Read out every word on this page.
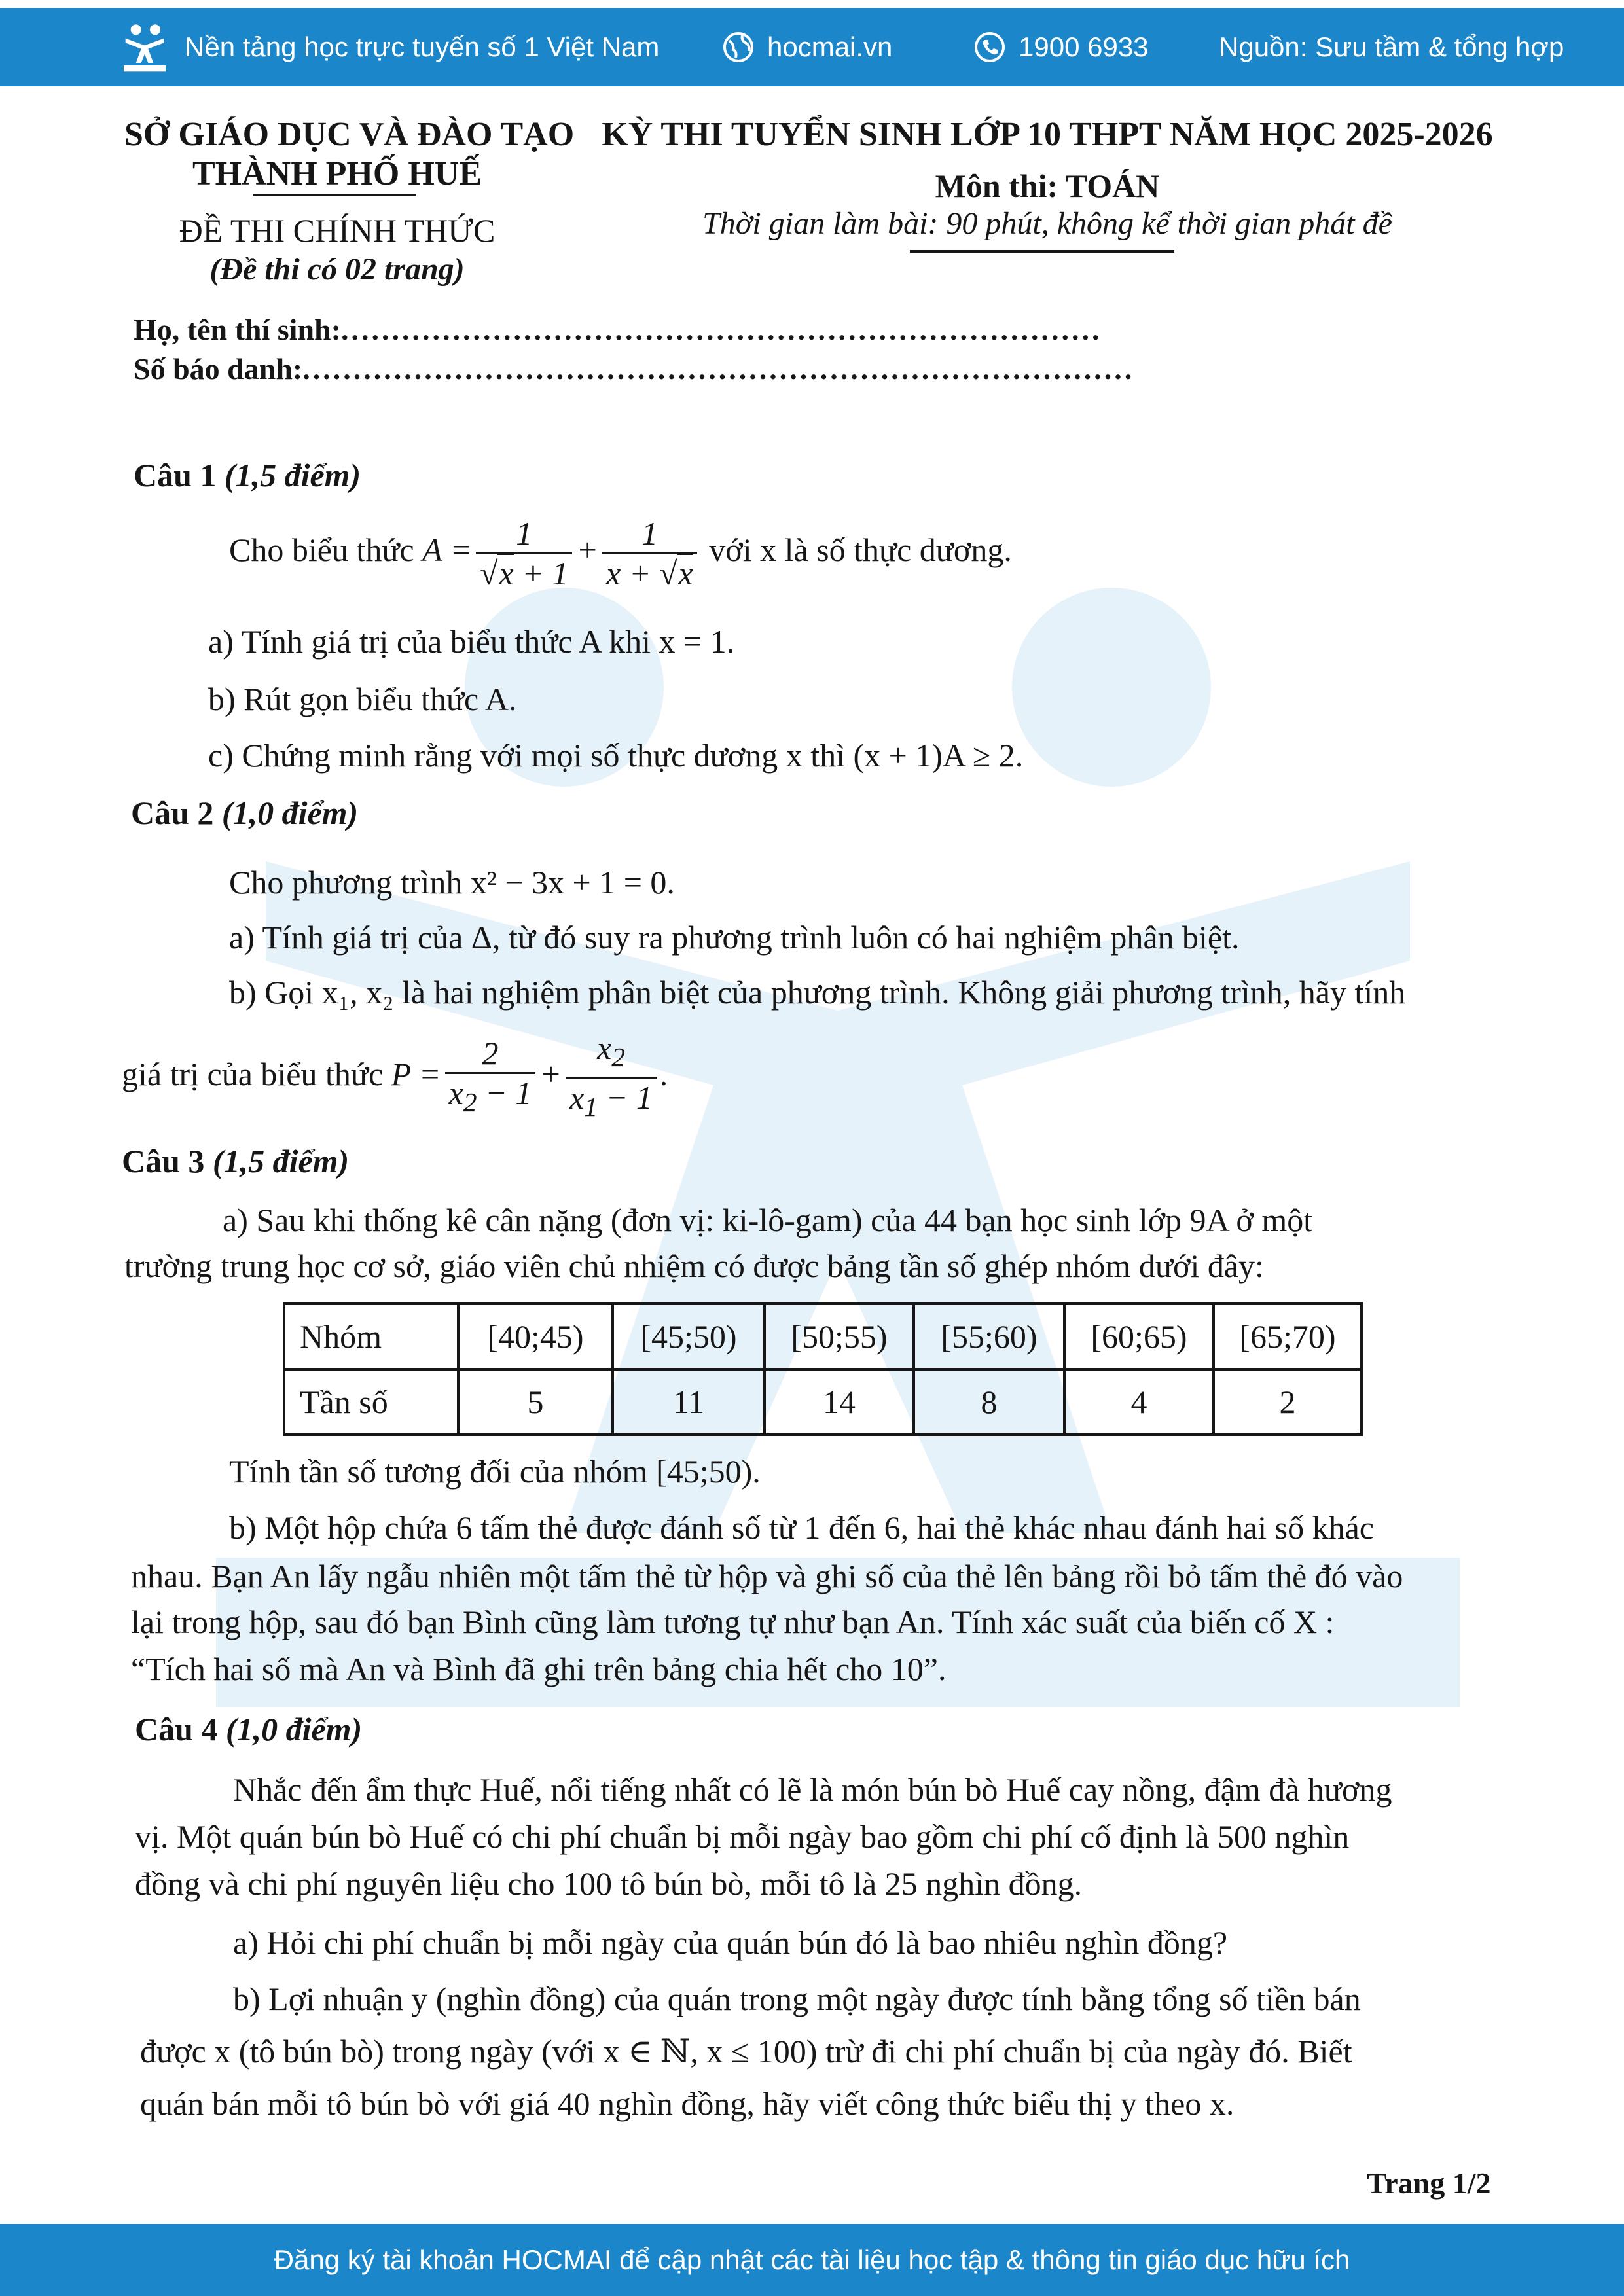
Nền tảng học trực tuyến số 1 Việt Nam	hocmai.vn	1900 6933	Nguồn: Sưu tầm & tổng hợp
SỞ GIÁO DỤC VÀ ĐÀO TẠO
THÀNH PHỐ HUẾ
ĐỀ THI CHÍNH THỨC
(Đề thi có 02 trang)
KỲ THI TUYỂN SINH LỚP 10 THPT NĂM HỌC 2025-2026
Môn thi: TOÁN
Thời gian làm bài: 90 phút, không kể thời gian phát đề
Họ, tên thí sinh:...........................................................................
Số báo danh:..................................................................................
Câu 1 (1,5 điểm)
Cho biểu thức $A = \frac{1}{√x + 1} + \frac{1}{x + √x}$ với x là số thực dương.
a) Tính giá trị của biểu thức A khi x = 1.
b) Rút gọn biểu thức A.
c) Chứng minh rằng với mọi số thực dương x thì (x + 1)A ≥ 2.
Câu 2 (1,0 điểm)
Cho phương trình x² − 3x + 1 = 0.
a) Tính giá trị của Δ, từ đó suy ra phương trình luôn có hai nghiệm phân biệt.
b) Gọi x₁, x₂ là hai nghiệm phân biệt của phương trình. Không giải phương trình, hãy tính
giá trị của biểu thức $P = \frac{2}{x_2 - 1} + \frac{x_2}{x_1 - 1}$ .
Câu 3 (1,5 điểm)
a) Sau khi thống kê cân nặng (đơn vị: ki-lô-gam) của 44 bạn học sinh lớp 9A ở một
trường trung học cơ sở, giáo viên chủ nhiệm có được bảng tần số ghép nhóm dưới đây:
Nhóm	[40;45)	[45;50)	[50;55)	[55;60)	[60;65)	[65;70)
Tần số	5	11	14	8	4	2
Tính tần số tương đối của nhóm [45;50).
b) Một hộp chứa 6 tấm thẻ được đánh số từ 1 đến 6, hai thẻ khác nhau đánh hai số khác
nhau. Bạn An lấy ngẫu nhiên một tấm thẻ từ hộp và ghi số của thẻ lên bảng rồi bỏ tấm thẻ đó vào
lại trong hộp, sau đó bạn Bình cũng làm tương tự như bạn An. Tính xác suất của biến cố X :
“Tích hai số mà An và Bình đã ghi trên bảng chia hết cho 10”.
Câu 4 (1,0 điểm)
Nhắc đến ẩm thực Huế, nổi tiếng nhất có lẽ là món bún bò Huế cay nồng, đậm đà hương
vị. Một quán bún bò Huế có chi phí chuẩn bị mỗi ngày bao gồm chi phí cố định là 500 nghìn
đồng và chi phí nguyên liệu cho 100 tô bún bò, mỗi tô là 25 nghìn đồng.
a) Hỏi chi phí chuẩn bị mỗi ngày của quán bún đó là bao nhiêu nghìn đồng?
b) Lợi nhuận y (nghìn đồng) của quán trong một ngày được tính bằng tổng số tiền bán
được x (tô bún bò) trong ngày (với x ∈ ℕ, x ≤ 100) trừ đi chi phí chuẩn bị của ngày đó. Biết
quán bán mỗi tô bún bò với giá 40 nghìn đồng, hãy viết công thức biểu thị y theo x.
Trang 1/2
Đăng ký tài khoản HOCMAI để cập nhật các tài liệu học tập & thông tin giáo dục hữu ích
